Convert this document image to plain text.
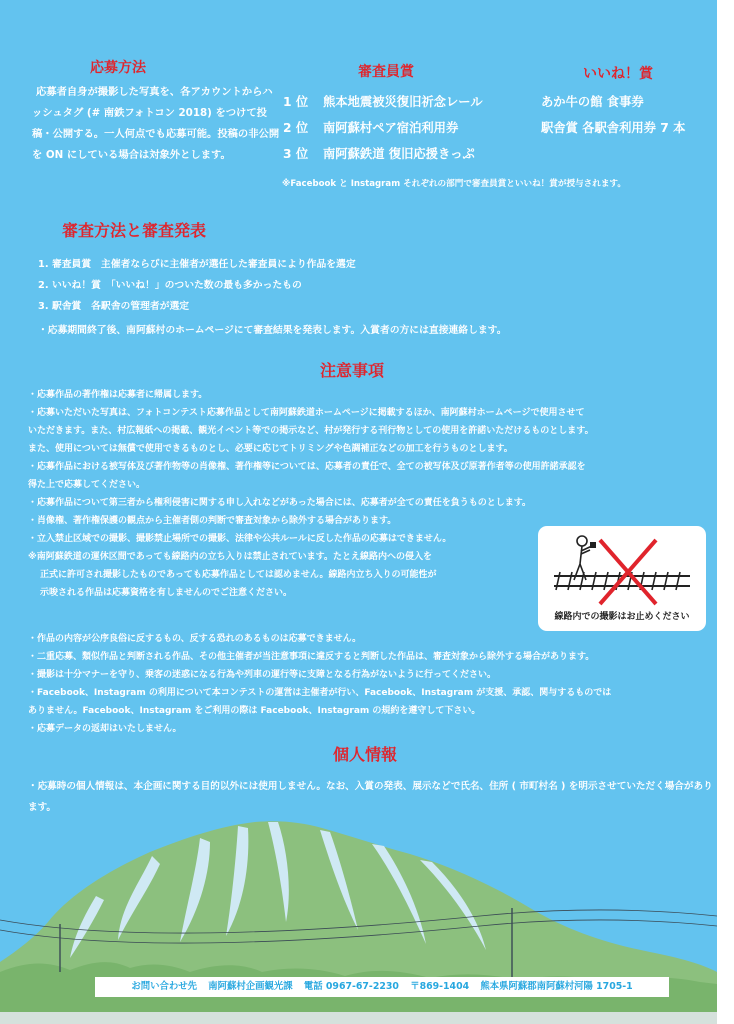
応募方法

応募者自身が撮影した写真を、各アカウントからハッシュタグ (# 南鉄フォトコン 2018) をつけて投稿・公開する。一人何点でも応募可能。投稿の非公開を ON にしている場合は対象外とします。

審査員賞
1 位 熊本地震被災復旧祈念レール
2 位 南阿蘇村ペア宿泊利用券
3 位 南阿蘇鉄道 復旧応援きっぷ
いいね！賞
あか牛の館 食事券
駅舎賞 各駅舎利用券 7 本
※Facebook と Instagram それぞれの部門で審査員賞といいね！賞が授与されます。
審査方法と審査発表
1. 審査員賞　主催者ならびに主催者が選任した審査員により作品を選定
2. いいね！賞　「いいね！」のついた数の最も多かったもの
3. 駅舎賞　各駅舎の管理者が選定
・応募期間終了後、南阿蘇村のホームページにて審査結果を発表します。入賞者の方には直接連絡します。
注意事項
・応募作品の著作権は応募者に帰属します。
・応募いただいた写真は、フォトコンテスト応募作品として南阿蘇鉄道ホームページに掲載するほか、南阿蘇村ホームページで使用させて
いただきます。また、村広報紙への掲載、観光イベント等での掲示など、村が発行する刊行物としての使用を許諾いただけるものとします。
また、使用については無償で使用できるものとし、必要に応じてトリミングや色調補正などの加工を行うものとします。
・応募作品における被写体及び著作物等の肖像権、著作権等については、応募者の責任で、全ての被写体及び原著作者等の使用許諾承認を
得た上で応募してください。
・応募作品について第三者から権利侵害に関する申し入れなどがあった場合には、応募者が全ての責任を負うものとします。
・肖像権、著作権保護の観点から主催者側の判断で審査対象から除外する場合があります。
・立入禁止区域での撮影、撮影禁止場所での撮影、法律や公共ルールに反した作品の応募はできません。
※南阿蘇鉄道の運休区間であっても線路内の立ち入りは禁止されています。たとえ線路内への侵入を
正式に許可され撮影したものであっても応募作品としては認めません。線路内立ち入りの可能性が
示唆される作品は応募資格を有しませんのでご注意ください。
線路内での撮影はお止めください
・作品の内容が公序良俗に反するもの、反する恐れのあるものは応募できません。
・二重応募、類似作品と判断される作品、その他主催者が当注意事項に違反すると判断した作品は、審査対象から除外する場合があります。
・撮影は十分マナーを守り、乗客の迷惑になる行為や列車の運行等に支障となる行為がないように行ってください。
・Facebook、Instagram の利用について本コンテストの運営は主催者が行い、Facebook、Instagram が支援、承認、関与するものでは
ありません。Facebook、Instagram をご利用の際は Facebook、Instagram の規約を遵守して下さい。
・応募データの返却はいたしません。
個人情報

・応募時の個人情報は、本企画に関する目的以外には使用しません。なお、入賞の発表、展示などで氏名、住所 ( 市町村名 ) を明示させていただく場合があります。

お問い合わせ先 南阿蘇村企画観光課 電話 0967-67-2230 〒869-1404 熊本県阿蘇郡南阿蘇村河陽 1705-1
